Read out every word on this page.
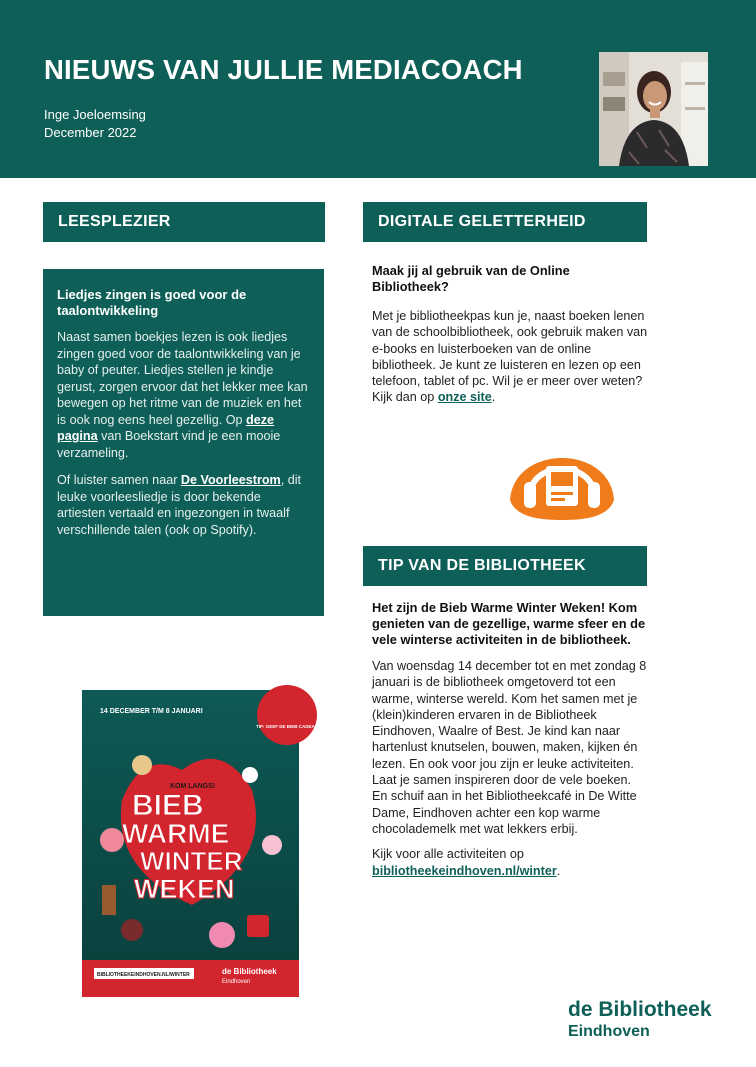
NIEUWS VAN JULLIE MEDIACOACH
Inge Joeloemsing
December 2022
LEESPLEZIER	DIGITALE GELETTERHEID
TIP VAN DE BIBLIOTHEEK
Liedjes zingen is goed voor de taalontwikkeling

Naast samen boekjes lezen is ook liedjes zingen goed voor de taalontwikkeling van je baby of peuter. Liedjes stellen je kindje gerust, zorgen ervoor dat het lekker mee kan bewegen op het ritme van de muziek en het is ook nog eens heel gezellig. Op deze pagina van Boekstart vind je een mooie verzameling.

Of luister samen naar De Voorleestrom, dit leuke voorleesliedje is door bekende artiesten vertaald en ingezongen in twaalf verschillende talen (ook op Spotify).

Maak jij al gebruik van de Online Bibliotheek?

Met je bibliotheekpas kun je, naast boeken lenen van de schoolbibliotheek, ook gebruik maken van e-books en luisterboeken van de online bibliotheek. Je kunt ze luisteren en lezen op een telefoon, tablet of pc. Wil je er meer over weten? Kijk dan op onze site.

Het zijn de Bieb Warme Winter Weken! Kom genieten van de gezellige, warme sfeer en de vele winterse activiteiten in de bibliotheek.

Van woensdag 14 december tot en met zondag 8 januari is de bibliotheek omgetoverd tot een warme, winterse wereld. Kom het samen met je (klein)kinderen ervaren in de Bibliotheek Eindhoven, Waalre of Best. Je kind kan naar hartenlust knutselen, bouwen, maken, kijken én lezen. En ook voor jou zijn er leuke activiteiten. Laat je samen inspireren door de vele boeken. En schuif aan in het Bibliotheekcafé in De Witte Dame, Eindhoven achter een kop warme chocolademelk met wat lekkers erbij.

Kijk voor alle activiteiten op bibliotheekeindhoven.nl/winter.

14 DECEMBER T/M 8 JANUARI
TIP: GEEF DE BIEB CADEAU!
KOM LANGS!
BIEB
WARME
WINTER
WEKEN
BIBLIOTHEEKEINDHOVEN.NL/WINTER	de Bibliotheek
Eindhoven
de Bibliotheek
Eindhoven
